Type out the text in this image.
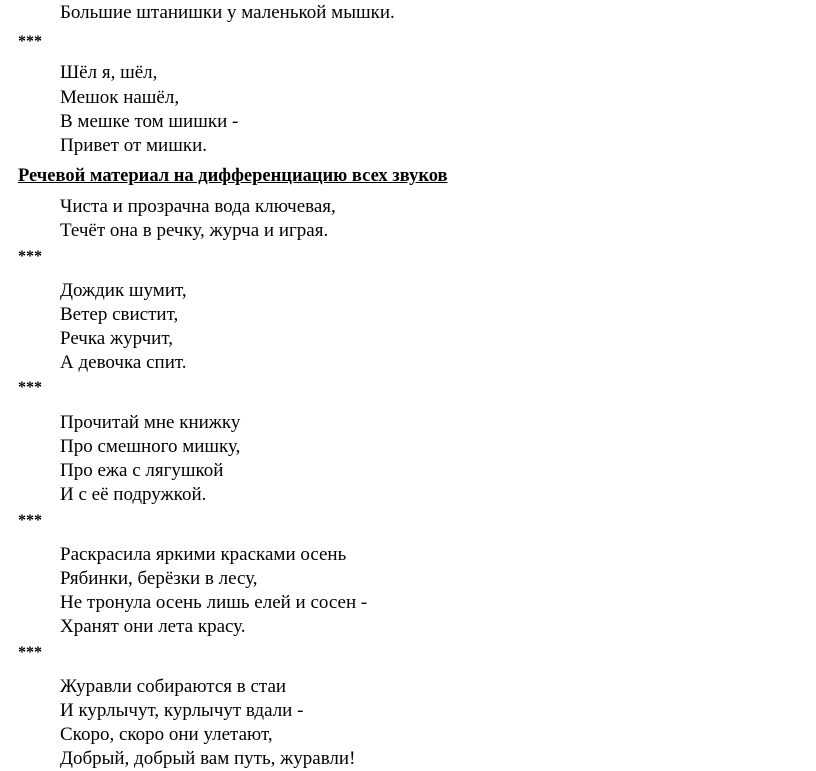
Большие штанишки у маленькой мышки.
***
Шёл я, шёл,
Мешок нашёл,
В мешке том шишки -
Привет от мишки.
Речевой материал на дифференциацию всех звуков
Чиста и прозрачна вода ключевая,
Течёт она в речку, журча и играя.
***
Дождик шумит,
Ветер свистит,
Речка журчит,
А девочка спит.
***
Прочитай мне книжку
Про смешного мишку,
Про ежа с лягушкой
И с её подружкой.
***
Раскрасила яркими красками осень
Рябинки, берёзки в лесу,
Не тронула осень лишь елей и сосен -
Хранят они лета красу.
***
Журавли собираются в стаи
И курлычут, курлычут вдали -
Скоро, скоро они улетают,
Добрый, добрый вам путь, журавли!
